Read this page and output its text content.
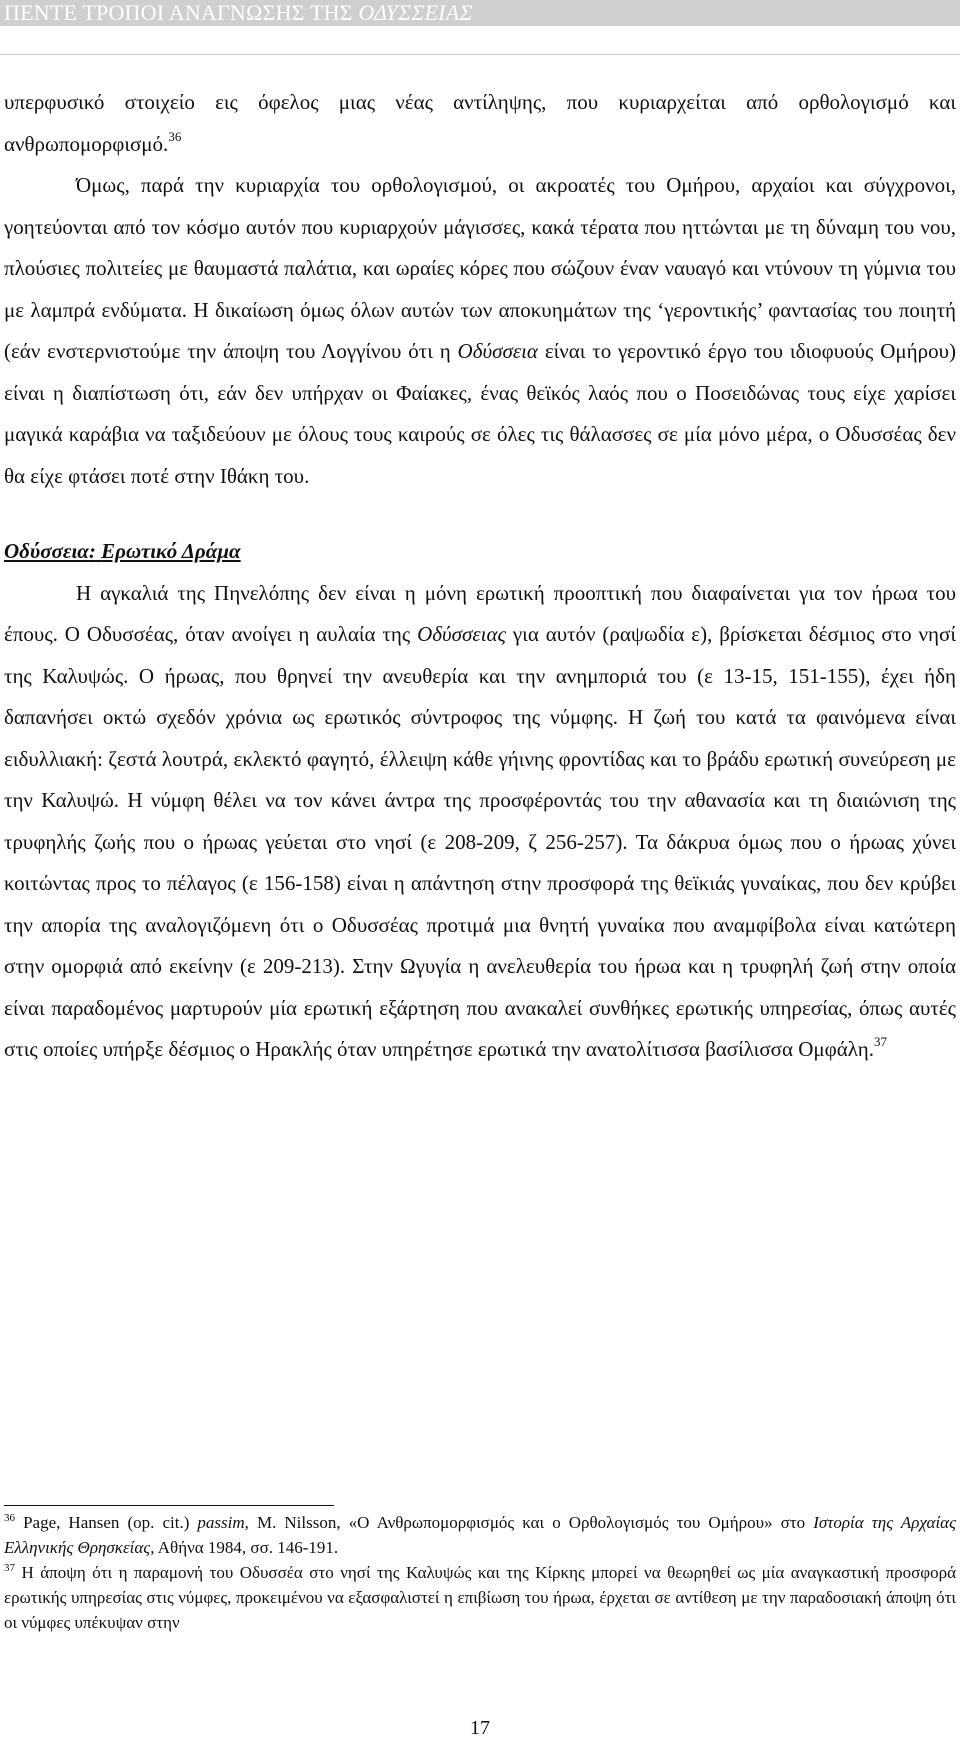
ΠΕΝΤΕ ΤΡΟΠΟΙ ΑΝΑΓΝΩΣΗΣ ΤΗΣ ΟΔΥΣΣΕΙΑΣ

υπερφυσικό στοιχείο εις όφελος μιας νέας αντίληψης, που κυριαρχείται από ορθολογισμό και ανθρωπομορφισμό.$^{36}$

Όμως, παρά την κυριαρχία του ορθολογισμού, οι ακροατές του Ομήρου, αρχαίοι και σύγχρονοι, γοητεύονται από τον κόσμο αυτόν που κυριαρχούν μάγισσες, κακά τέρατα που ηττώνται με τη δύναμη του νου, πλούσιες πολιτείες με θαυμαστά παλάτια, και ωραίες κόρες που σώζουν έναν ναυαγό και ντύνουν τη γύμνια του με λαμπρά ενδύματα. Η δικαίωση όμως όλων αυτών των αποκυημάτων της ‘γεροντικής’ φαντασίας του ποιητή (εάν ενστερνιστούμε την άποψη του Λογγίνου ότι η Οδύσσεια είναι το γεροντικό έργο του ιδιοφυούς Ομήρου) είναι η διαπίστωση ότι, εάν δεν υπήρχαν οι Φαίακες, ένας θεϊκός λαός που ο Ποσειδώνας τους είχε χαρίσει μαγικά καράβια να ταξιδεύουν με όλους τους καιρούς σε όλες τις θάλασσες σε μία μόνο μέρα, ο Οδυσσέας δεν θα είχε φτάσει ποτέ στην Ιθάκη του.

Οδύσσεια: Ερωτικό Δράμα

Η αγκαλιά της Πηνελόπης δεν είναι η μόνη ερωτική προοπτική που διαφαίνεται για τον ήρωα του έπους. Ο Οδυσσέας, όταν ανοίγει η αυλαία της Οδύσσειας για αυτόν (ραψωδία ε), βρίσκεται δέσμιος στο νησί της Καλυψώς. Ο ήρωας, που θρηνεί την ανευθερία και την ανημποριά του (ε 13-15, 151-155), έχει ήδη δαπανήσει οκτώ σχεδόν χρόνια ως ερωτικός σύντροφος της νύμφης. Η ζωή του κατά τα φαινόμενα είναι ειδυλλιακή: ζεστά λουτρά, εκλεκτό φαγητό, έλλειψη κάθε γήινης φροντίδας και το βράδυ ερωτική συνεύρεση με την Καλυψώ. Η νύμφη θέλει να τον κάνει άντρα της προσφέροντάς του την αθανασία και τη διαιώνιση της τρυφηλής ζωής που ο ήρωας γεύεται στο νησί (ε 208-209, ζ 256-257). Τα δάκρυα όμως που ο ήρωας χύνει κοιτώντας προς το πέλαγος (ε 156-158) είναι η απάντηση στην προσφορά της θεϊκιάς γυναίκας, που δεν κρύβει την απορία της αναλογιζόμενη ότι ο Οδυσσέας προτιμά μια θνητή γυναίκα που αναμφίβολα είναι κατώτερη στην ομορφιά από εκείνην (ε 209-213). Στην Ωγυγία η ανελευθερία του ήρωα και η τρυφηλή ζωή στην οποία είναι παραδομένος μαρτυρούν μία ερωτική εξάρτηση που ανακαλεί συνθήκες ερωτικής υπηρεσίας, όπως αυτές στις οποίες υπήρξε δέσμιος ο Ηρακλής όταν υπηρέτησε ερωτικά την ανατολίτισσα βασίλισσα Ομφάλη.$^{37}$

$^{36}$ Page, Hansen (op. cit.) passim, M. Nilsson, «Ο Ανθρωπομορφισμός και ο Ορθολογισμός του Ομήρου» στο Ιστορία της Αρχαίας Ελληνικής Θρησκείας, Αθήνα 1984, σσ. 146-191.

$^{37}$ Η άποψη ότι η παραμονή του Οδυσσέα στο νησί της Καλυψώς και της Κίρκης μπορεί να θεωρηθεί ως μία αναγκαστική προσφορά ερωτικής υπηρεσίας στις νύμφες, προκειμένου να εξασφαλιστεί η επιβίωση του ήρωα, έρχεται σε αντίθεση με την παραδοσιακή άποψη ότι οι νύμφες υπέκυψαν στην

17
